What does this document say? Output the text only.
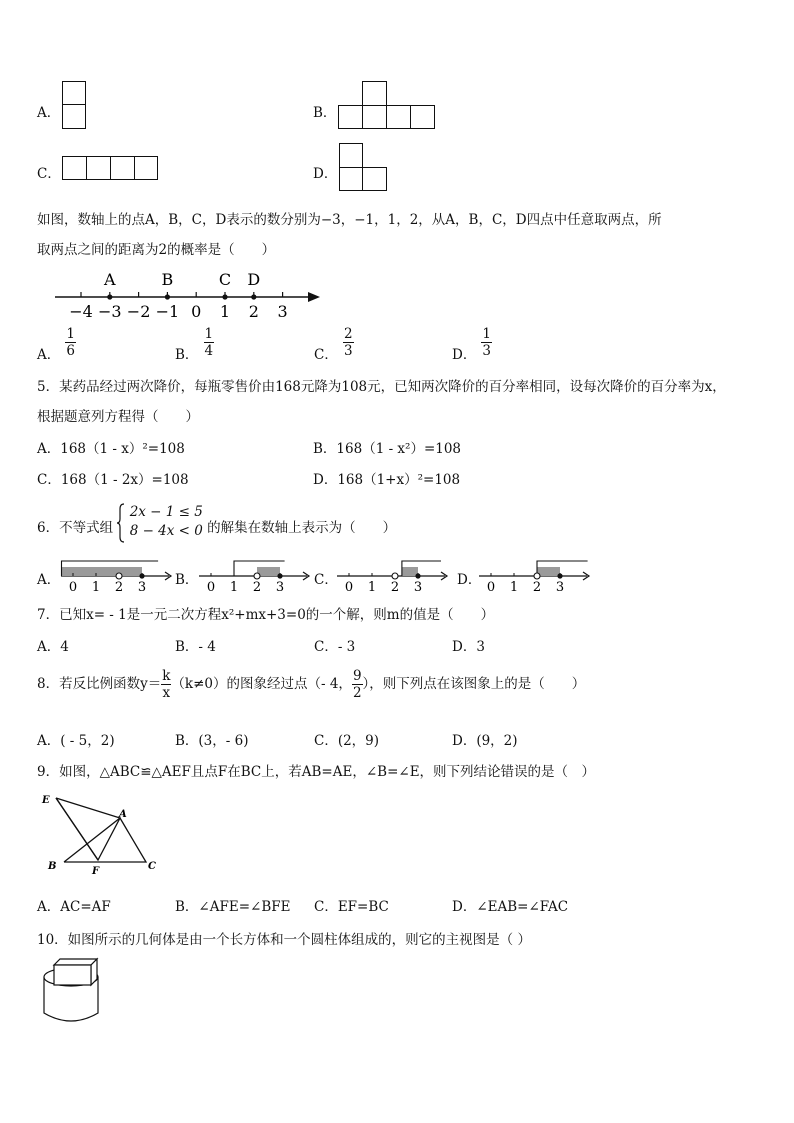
A．	B．
C．	D．
如图，数轴上的点A，B，C，D表示的数分别为−3，−1，1，2，从A，B，C，D四点中任意取两点，所
取两点之间的距离为2的概率是（　　）
−4 −3 −2 −1 0 1 2 3
A	B	C D
$_{A.} \frac{1}{6}$	$_{B.} \frac{1}{4}$	$_{C.} \frac{2}{3}$	$_{D.} \frac{1}{3}$
5．某药品经过两次降价，每瓶零售价由168元降为108元，已知两次降价的百分率相同，设每次降价的百分率为x，
根据题意列方程得（　　）
A．168（1 - x）²=108	B．168（1 - x²）=108
C．168（1 - 2x）=108	D．168（1+x）²=108
6．不等式组

2x − 1 ≤ 5
8 − 4x < 0 的解集在数轴上表示为（　　）
A． 0 1 2 3 B． 0 1 2 3 C． 0 1 2 3	D． 0 1 2 3
7．已知x= - 1是一元二次方程x²+mx+3=0的一个解，则m的值是（　　）
A．4	B．- 4	C．- 3	D．3
8．若反比例函数$y= \frac{k}{x} (k\ne 0)$的图象经过点（- 4， $\frac{9}{2}$ ），则下列点在该图象上的是（　　）
A．( - 5，2)	B．(3，- 6)	C．(2，9)	D．(9，2)
9．如图，△ABC≌△AEF且点F在BC上，若AB=AE，∠B=∠E，则下列结论错误的是（　）
E
A
B	F	C
A．AC=AF	B．∠AFE=∠BFE C．EF=BC	D．∠EAB=∠FAC
10．如图所示的几何体是由一个长方体和一个圆柱体组成的，则它的主视图是（ ）
